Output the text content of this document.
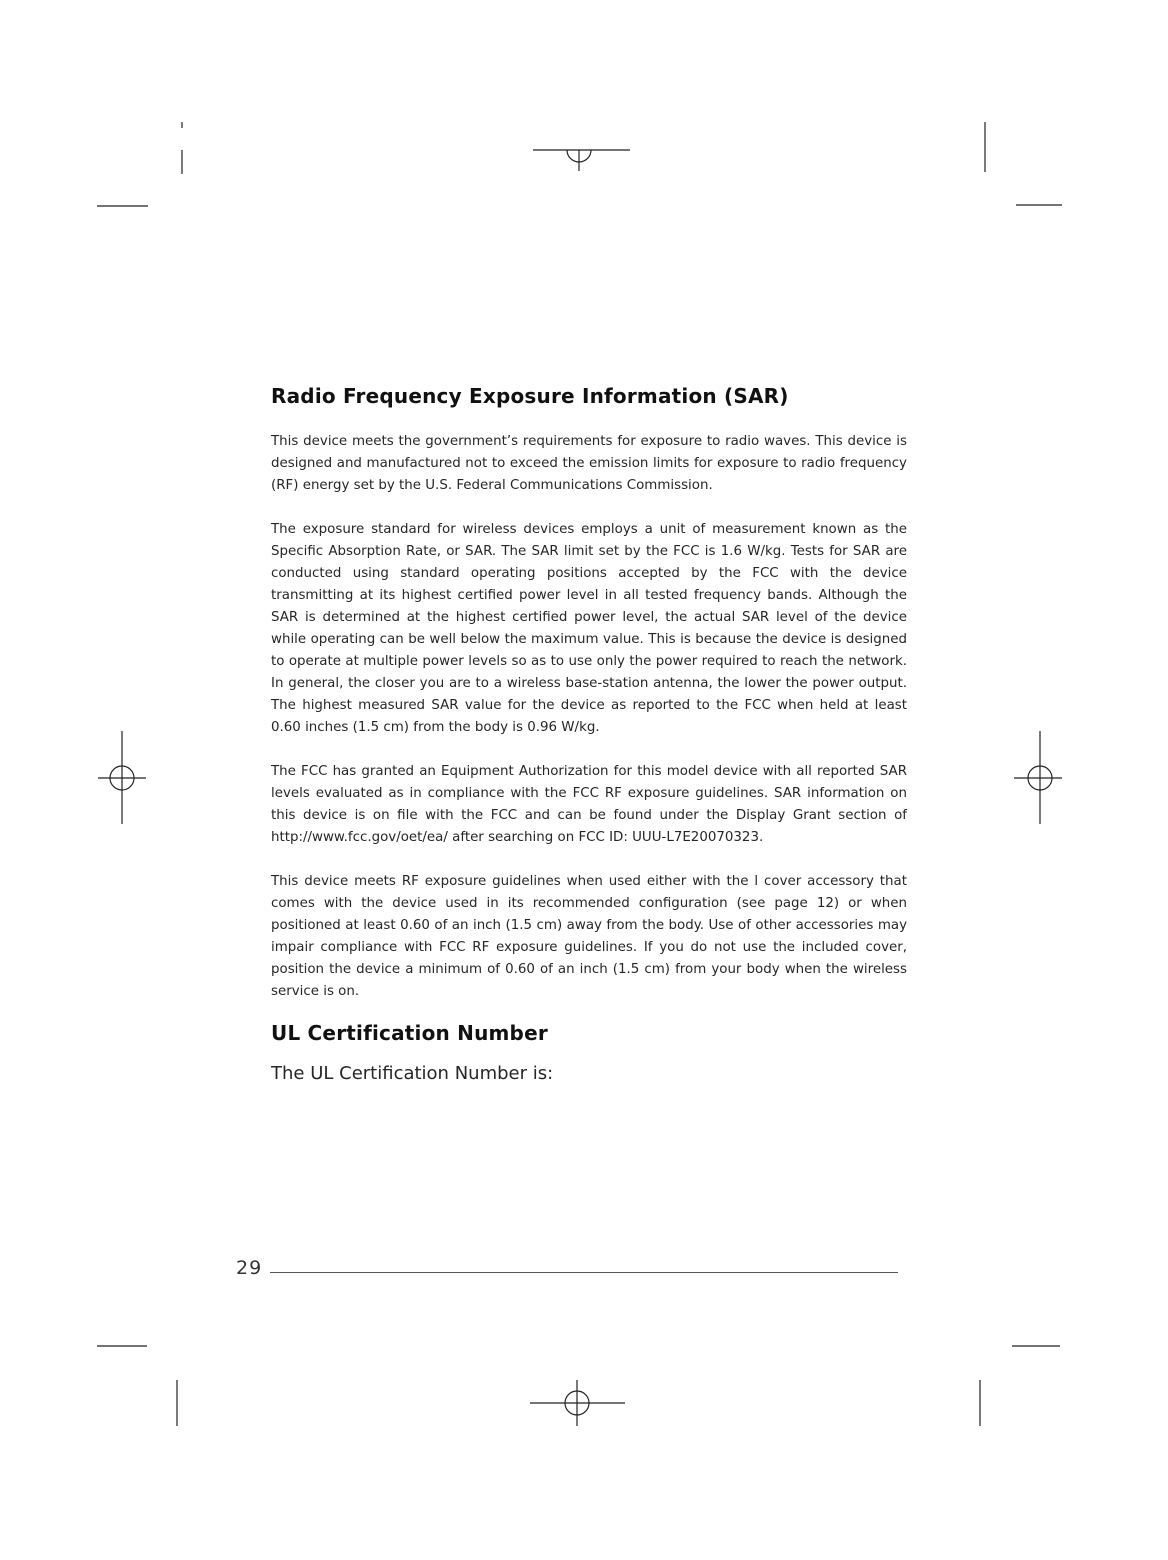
Radio Frequency Exposure Information (SAR)

This device meets the government’s requirements for exposure to radio waves. This device is designed and manufactured not to exceed the emission limits for exposure to radio frequency (RF) energy set by the U.S. Federal Communications Commission.

The exposure standard for wireless devices employs a unit of measurement known as the Specific Absorption Rate, or SAR. The SAR limit set by the FCC is 1.6 W/kg. Tests for SAR are conducted using standard operating positions accepted by the FCC with the device transmitting at its highest certified power level in all tested frequency bands. Although the SAR is determined at the highest certified power level, the actual SAR level of the device while operating can be well below the maximum value. This is because the device is designed to operate at multiple power levels so as to use only the power required to reach the network. In general, the closer you are to a wireless base-station antenna, the lower the power output. The highest measured SAR value for the device as reported to the FCC when held at least 0.60 inches (1.5 cm) from the body is 0.96 W/kg.

The FCC has granted an Equipment Authorization for this model device with all reported SAR levels evaluated as in compliance with the FCC RF exposure guidelines. SAR information on this device is on file with the FCC and can be found under the Display Grant section of http://www.fcc.gov/oet/ea/ after searching on FCC ID: UUU-L7E20070323.

This device meets RF exposure guidelines when used either with the l cover accessory that comes with the device used in its recommended configuration (see page 12) or when positioned at least 0.60 of an inch (1.5 cm) away from the body. Use of other accessories may impair compliance with FCC RF exposure guidelines. If you do not use the included cover, position the device a minimum of 0.60 of an inch (1.5 cm) from your body when the wireless service is on.

UL Certification Number
The UL Certification Number is:
29
